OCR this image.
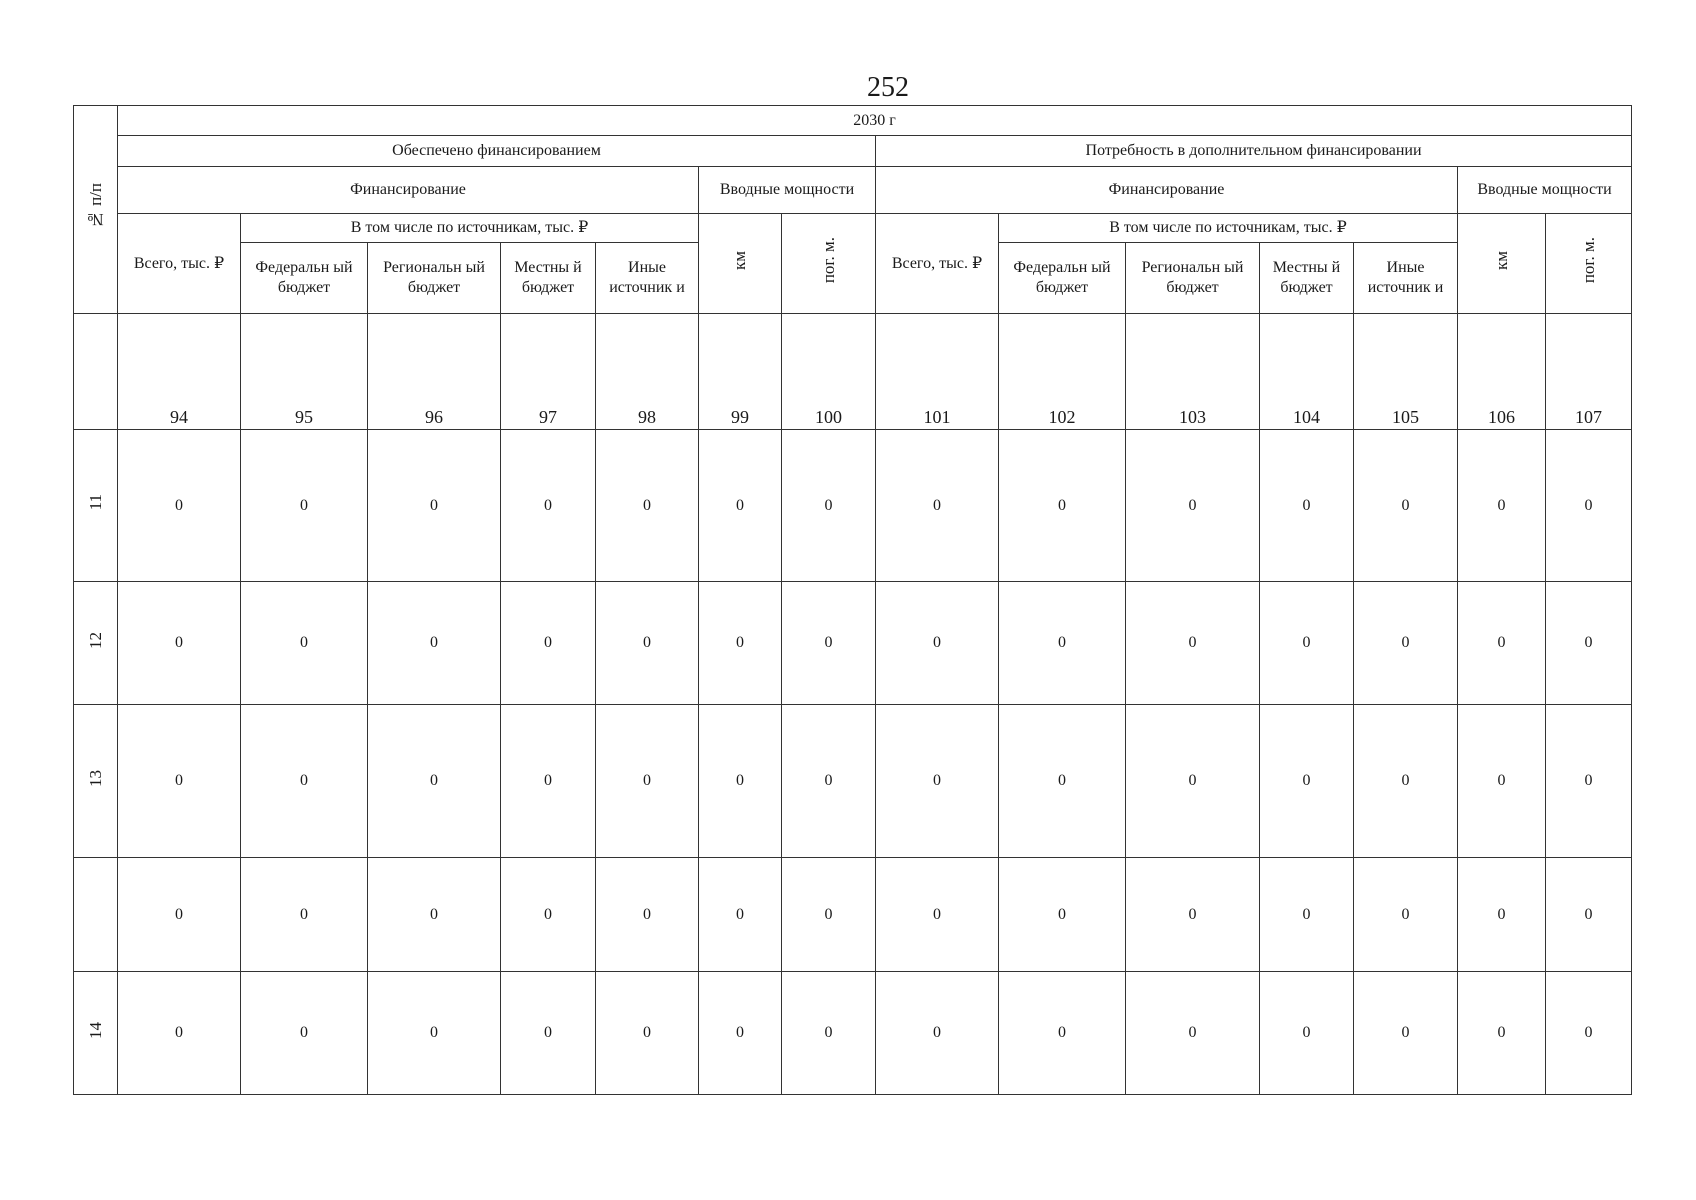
252
№ п/п	2030 г													
	Обеспечено финансированием							Потребность в дополнительном финансировании						
	Финансирование					Вводные мощности		Финансирование					Вводные мощности	
	Всего, тыс. ₽	В том числе по источникам, тыс. ₽				км	пог. м.	Всего, тыс. ₽	В том числе по источникам, тыс. ₽				км	пог. м.
		Федеральн ый бюджет	Региональн ый бюджет	Местны й бюджет	Иные источник и				Федеральн ый бюджет	Региональн ый бюджет	Местны й бюджет	Иные источник и		
	94	95	96	97	98	99	100	101	102	103	104	105	106	107
11	0	0	0	0	0	0	0	0	0	0	0	0	0	0
12	0	0	0	0	0	0	0	0	0	0	0	0	0	0
13	0	0	0	0	0	0	0	0	0	0	0	0	0	0
	0	0	0	0	0	0	0	0	0	0	0	0	0	0
14	0	0	0	0	0	0	0	0	0	0	0	0	0	0
